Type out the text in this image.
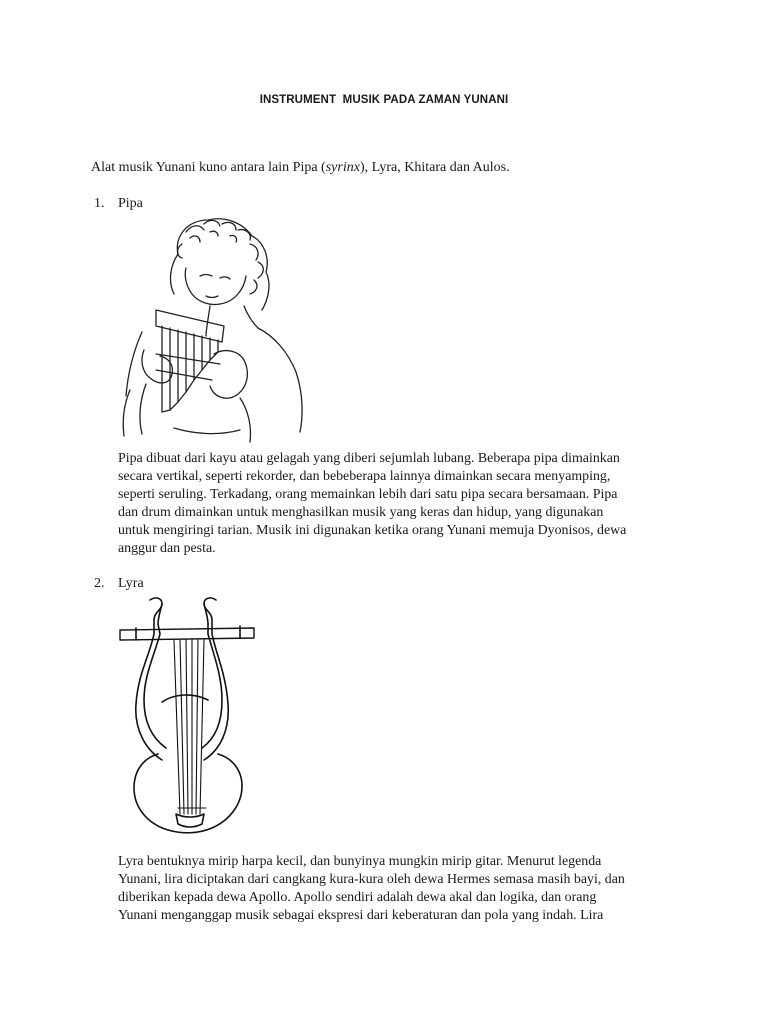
INSTRUMENT  MUSIK PADA ZAMAN YUNANI
Alat musik Yunani kuno antara lain Pipa (syrinx), Lyra, Khitara dan Aulos.
1. Pipa
Pipa dibuat dari kayu atau gelagah yang diberi sejumlah lubang. Beberapa pipa dimainkan
secara vertikal, seperti rekorder, dan bebeberapa lainnya dimainkan secara menyamping,
seperti seruling. Terkadang, orang memainkan lebih dari satu pipa secara bersamaan. Pipa
dan drum dimainkan untuk menghasilkan musik yang keras dan hidup, yang digunakan
untuk mengiringi tarian. Musik ini digunakan ketika orang Yunani memuja Dyonisos, dewa
anggur dan pesta.
2. Lyra
Lyra bentuknya mirip harpa kecil, dan bunyinya mungkin mirip gitar. Menurut legenda
Yunani, lira diciptakan dari cangkang kura-kura oleh dewa Hermes semasa masih bayi, dan
diberikan kepada dewa Apollo. Apollo sendiri adalah dewa akal dan logika, dan orang
Yunani menganggap musik sebagai ekspresi dari keberaturan dan pola yang indah. Lira
